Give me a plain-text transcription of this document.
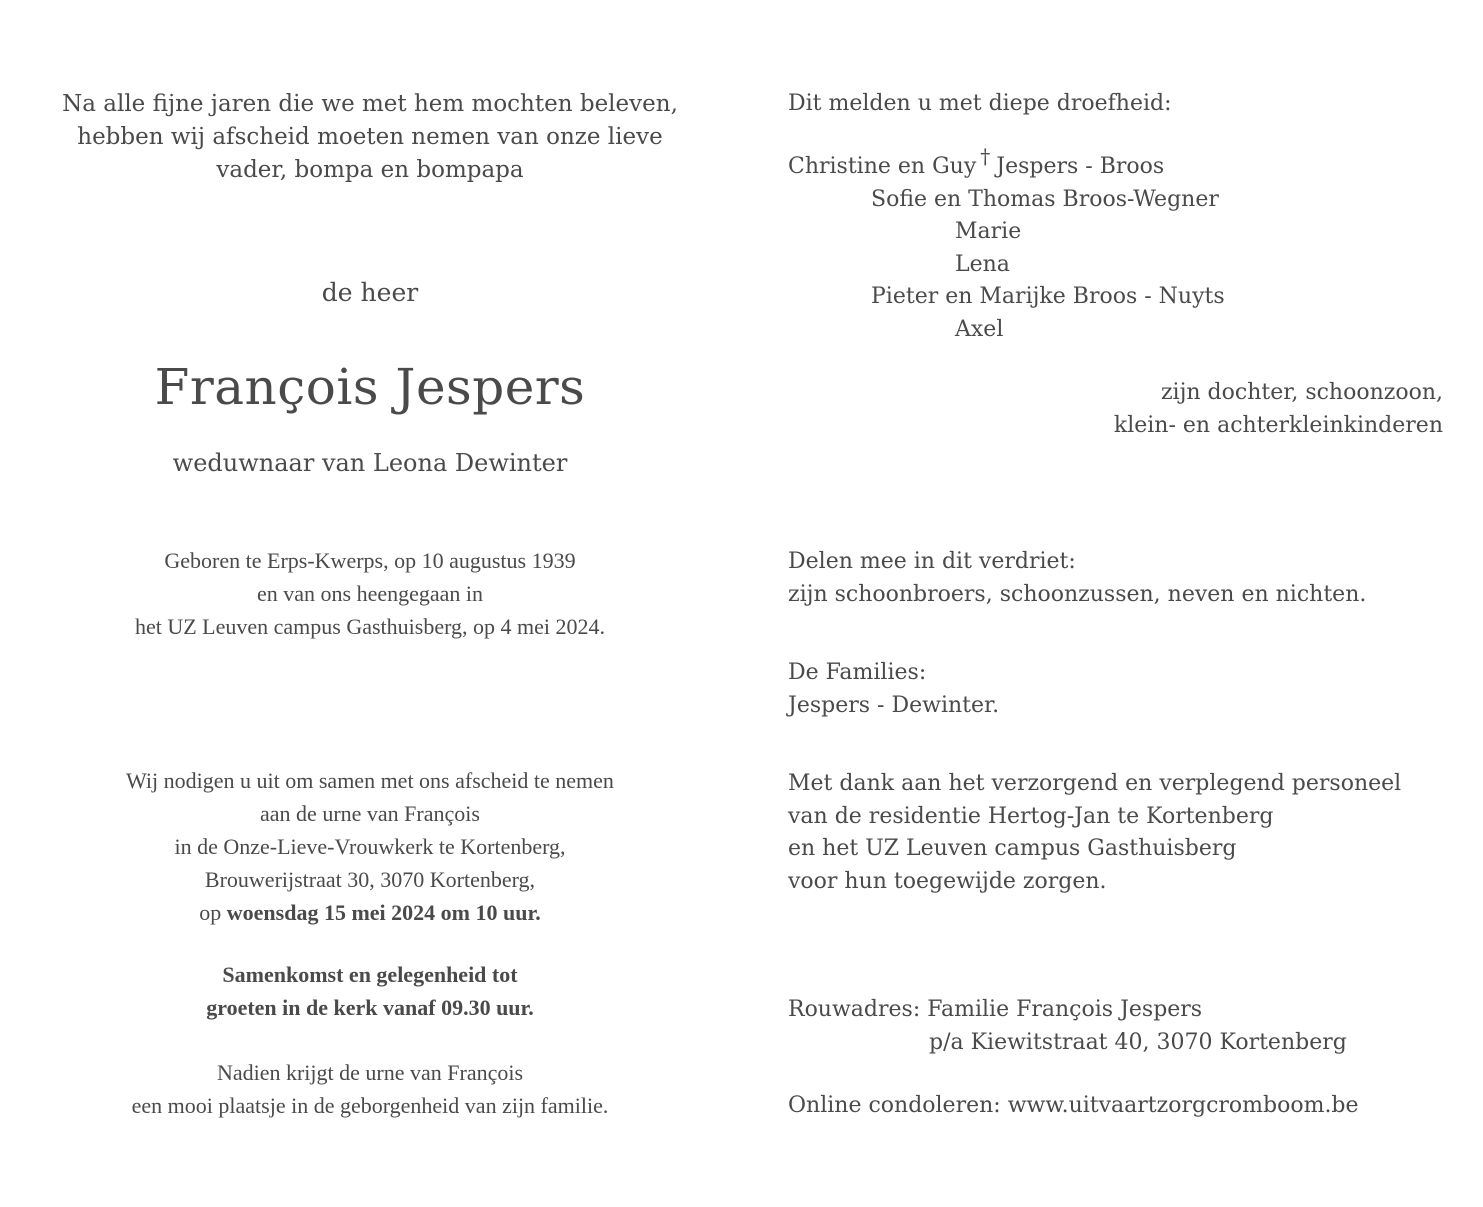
Na alle fijne jaren die we met hem mochten beleven,
hebben wij afscheid moeten nemen van onze lieve
vader, bompa en bompapa
de heer
François Jespers
weduwnaar van Leona Dewinter
Geboren te Erps-Kwerps, op 10 augustus 1939
en van ons heengegaan in
het UZ Leuven campus Gasthuisberg, op 4 mei 2024.
Wij nodigen u uit om samen met ons afscheid te nemen
aan de urne van François
in de Onze-Lieve-Vrouwkerk te Kortenberg,
Brouwerijstraat 30, 3070 Kortenberg,
op woensdag 15 mei 2024 om 10 uur.
Samenkomst en gelegenheid tot
groeten in de kerk vanaf 09.30 uur.
Nadien krijgt de urne van François
een mooi plaatsje in de geborgenheid van zijn familie.
Dit melden u met diepe droefheid:
Christine en Guy † Jespers - Broos
Sofie en Thomas Broos-Wegner
Marie
Lena
Pieter en Marijke Broos - Nuyts
Axel
zijn dochter, schoonzoon,
klein- en achterkleinkinderen
Delen mee in dit verdriet:
zijn schoonbroers, schoonzussen, neven en nichten.
De Families:
Jespers - Dewinter.
Met dank aan het verzorgend en verplegend personeel
van de residentie Hertog-Jan te Kortenberg
en het UZ Leuven campus Gasthuisberg
voor hun toegewijde zorgen.
Rouwadres: Familie François Jespers
p/a Kiewitstraat 40, 3070 Kortenberg
Online condoleren: www.uitvaartzorgcromboom.be
